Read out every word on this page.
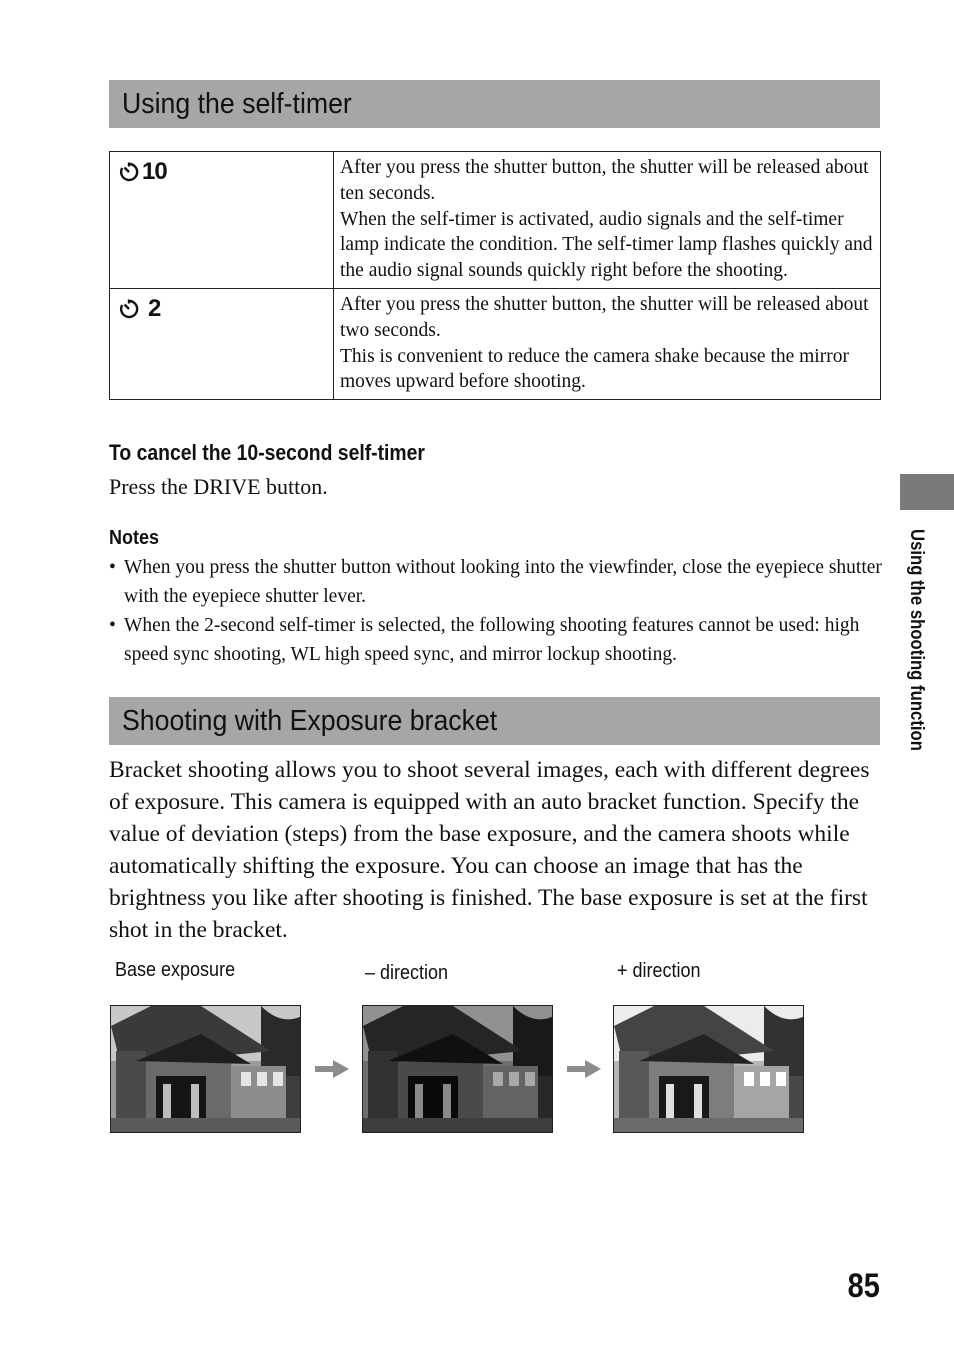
Using the self-timer
10	After you press the shutter button, the shutter will be released about ten seconds.
When the self-timer is activated, audio signals and the self-timer lamp indicate the condition. The self-timer lamp flashes quickly and the audio signal sounds quickly right before the shooting.

2	After you press the shutter button, the shutter will be released about two seconds.
This is convenient to reduce the camera shake because the mirror moves upward before shooting.
To cancel the 10-second self-timer
Press the DRIVE button.
Notes
• When you press the shutter button without looking into the viewfinder, close the eyepiece shutter with the eyepiece shutter lever.
• When the 2-second self-timer is selected, the following shooting features cannot be used: high speed sync shooting, WL high speed sync, and mirror lockup shooting.
Shooting with Exposure bracket

Bracket shooting allows you to shoot several images, each with different degrees of exposure. This camera is equipped with an auto bracket function. Specify the value of deviation (steps) from the base exposure, and the camera shoots while automatically shifting the exposure. You can choose an image that has the brightness you like after shooting is finished. The base exposure is set at the first shot in the bracket.

Base exposure	– direction	+ direction
Using the shooting function
85
